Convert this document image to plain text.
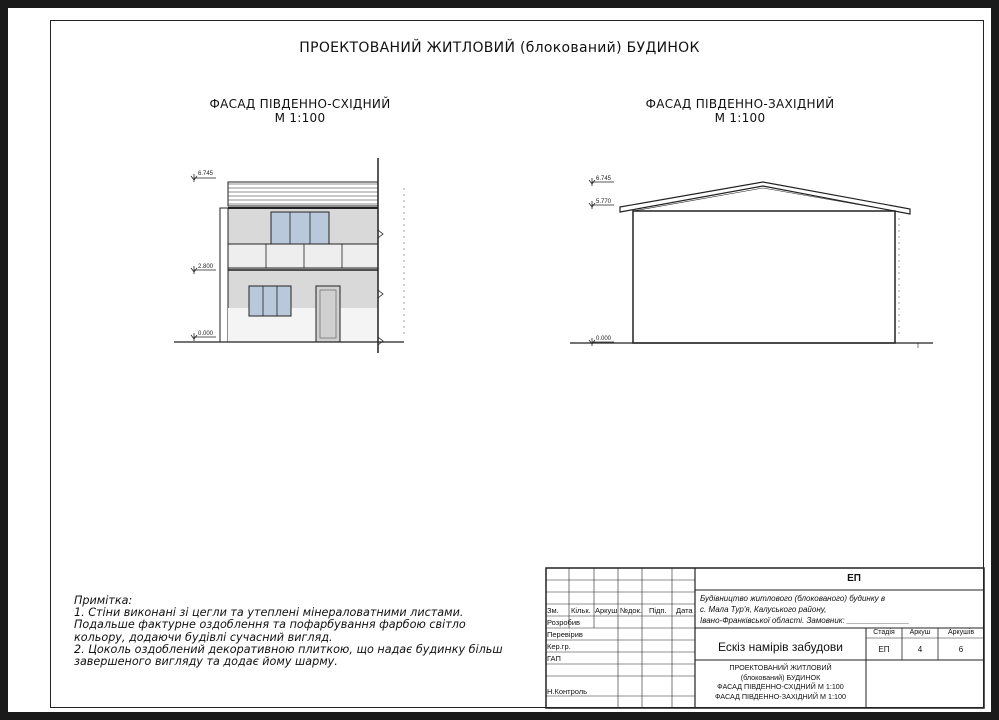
ПРОЕКТОВАНИЙ ЖИТЛОВИЙ (блокований) БУДИНОК
ФАСАД ПІВДЕННО-СХІДНИЙ
М 1:100
ФАСАД ПІВДЕННО-ЗАХІДНИЙ
М 1:100
6.745
2.800
0.000
6.745
5.770
0.000
Примітка:
1. Стіни виконані зі цегли та утеплені мінераловатними листами.
Подальше фактурне оздоблення та пофарбування фарбою світло
кольору, додаючи будівлі сучасний вигляд.
2. Цоколь оздоблений декоративною плиткою, що надає будинку більш
завершеного вигляду та додає йому шарму.
ЕП
Будівництво житлового (блокованого) будинку в
с. Мала Тур'я, Калуського району,
Івано-Франківської області. Замовник: ______________
Зм. Кільк. Аркуш №док. Підп. Дата
Розробив
Перевірив
Кер.гр.
ГАП
Н.Контроль
Ескіз намірів забудови
Стадія	Аркуш	Аркушів
ЕП	4	6
ПРОЕКТОВАНИЙ ЖИТЛОВИЙ
(блокований) БУДИНОК
ФАСАД ПІВДЕННО-СХІДНИЙ М 1:100
ФАСАД ПІВДЕННО-ЗАХІДНИЙ М 1:100
